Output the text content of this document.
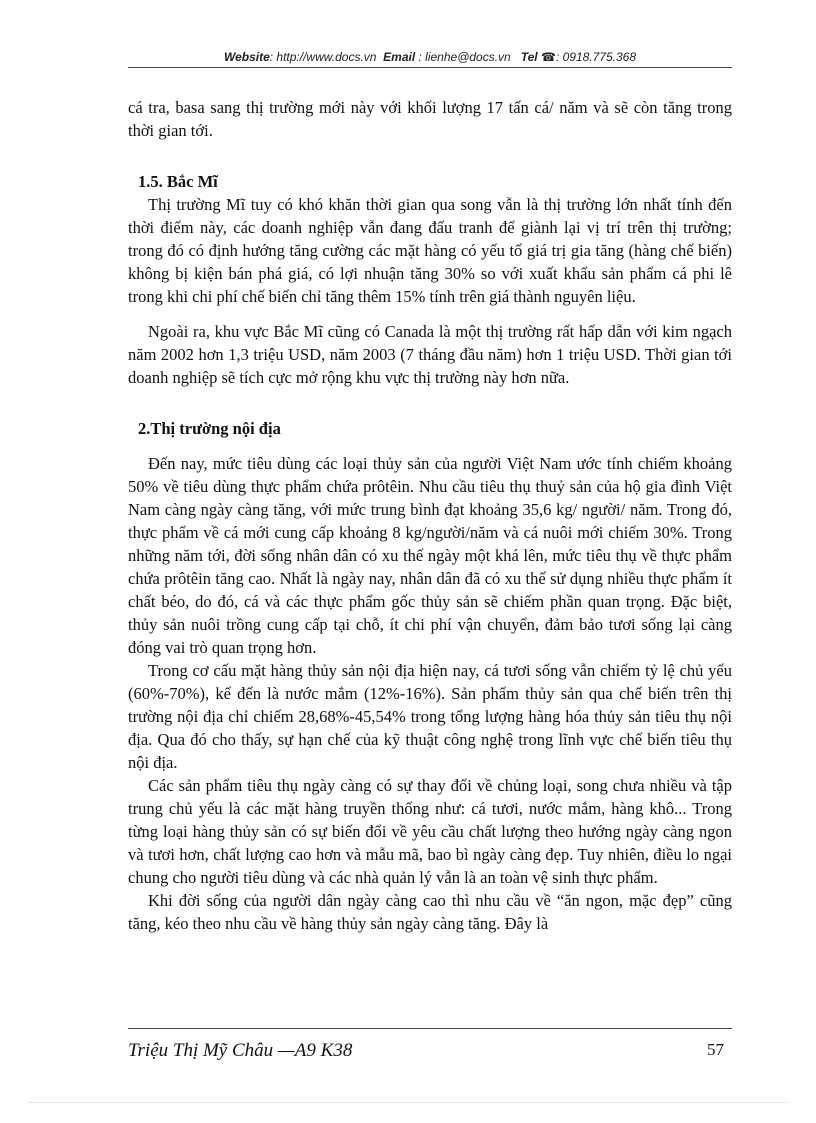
Website: http://www.docs.vn Email : lienhe@docs.vn Tel ☎: 0918.775.368

cá tra, basa sang thị trường mới này với khối lượng 17 tấn cá/ năm và sẽ còn tăng trong thời gian tới.

1.5. Bắc Mĩ

Thị trường Mĩ tuy có khó khăn thời gian qua song vẫn là thị trường lớn nhất tính đến thời điểm này, các doanh nghiệp vẫn đang đấu tranh để giành lại vị trí trên thị trường; trong đó có định hướng tăng cường các mặt hàng có yếu tố giá trị gia tăng (hàng chế biến) không bị kiện bán phá giá, có lợi nhuận tăng 30% so với xuất khẩu sản phẩm cá phi lê trong khi chi phí chế biến chỉ tăng thêm 15% tính trên giá thành nguyên liệu.

Ngoài ra, khu vực Bắc Mĩ cũng có Canada là một thị trường rất hấp dẫn với kim ngạch năm 2002 hơn 1,3 triệu USD, năm 2003 (7 tháng đầu năm) hơn 1 triệu USD. Thời gian tới doanh nghiệp sẽ tích cực mở rộng khu vực thị trường này hơn nữa.

2.Thị trường nội địa

Đến nay, mức tiêu dùng các loại thủy sản của người Việt Nam ước tính chiếm khoảng 50% về tiêu dùng thực phẩm chứa prôtêin. Nhu cầu tiêu thụ thuỷ sản của hộ gia đình Việt Nam càng ngày càng tăng, với mức trung bình đạt khoảng 35,6 kg/ người/ năm. Trong đó, thực phẩm về cá mới cung cấp khoảng 8 kg/người/năm và cá nuôi mới chiếm 30%. Trong những năm tới, đời sống nhân dân có xu thế ngày một khá lên, mức tiêu thụ về thực phẩm chứa prôtêin tăng cao. Nhất là ngày nay, nhân dân đã có xu thế sử dụng nhiều thực phẩm ít chất béo, do đó, cá và các thực phẩm gốc thủy sản sẽ chiếm phần quan trọng. Đặc biệt, thủy sản nuôi trồng cung cấp tại chỗ, ít chi phí vận chuyển, đảm bảo tươi sống lại càng đóng vai trò quan trọng hơn.

Trong cơ cấu mặt hàng thủy sản nội địa hiện nay, cá tươi sống vẫn chiếm tỷ lệ chủ yếu (60%-70%), kế đến là nước mắm (12%-16%). Sản phẩm thủy sản qua chế biến trên thị trường nội địa chỉ chiếm 28,68%-45,54% trong tổng lượng hàng hóa thủy sản tiêu thụ nội địa. Qua đó cho thấy, sự hạn chế của kỹ thuật công nghệ trong lĩnh vực chế biến tiêu thụ nội địa.

Các sản phẩm tiêu thụ ngày càng có sự thay đổi về chủng loại, song chưa nhiều và tập trung chủ yếu là các mặt hàng truyền thống như: cá tươi, nước mắm, hàng khô... Trong từng loại hàng thủy sản có sự biến đổi về yêu cầu chất lượng theo hướng ngày càng ngon và tươi hơn, chất lượng cao hơn và mẫu mã, bao bì ngày càng đẹp. Tuy nhiên, điều lo ngại chung cho người tiêu dùng và các nhà quản lý vẫn là an toàn vệ sinh thực phẩm.

Khi đời sống của người dân ngày càng cao thì nhu cầu về “ăn ngon, mặc đẹp” cũng tăng, kéo theo nhu cầu về hàng thủy sản ngày càng tăng. Đây là

Triệu Thị Mỹ Châu —A9 K38	57
